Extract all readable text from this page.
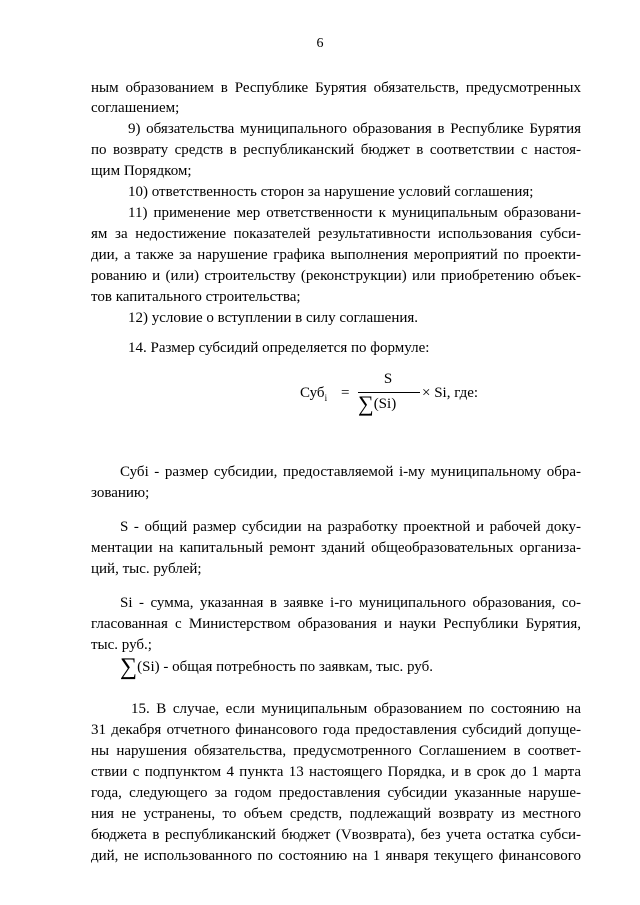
6
ным образованием в Республике Бурятия обязательств, предусмотренных
соглашением;
9) обязательства муниципального образования в Республике Бурятия
по возврату средств в республиканский бюджет в соответствии с настоя-
щим Порядком;
10) ответственность сторон за нарушение условий соглашения;
11) применение мер ответственности к муниципальным образовани-
ям за недостижение показателей результативности использования субси-
дии, а также за нарушение графика выполнения мероприятий по проекти-
рованию и (или) строительству (реконструкции) или приобретению объек-
тов капитального строительства;
12) условие о вступлении в силу соглашения.
14. Размер субсидий определяется по формуле:
Суб$_i$ =
S
∑(Si)
× Si, где:
Субi - размер субсидии, предоставляемой i-му муниципальному обра-
зованию;
S - общий размер субсидии на разработку проектной и рабочей доку-
ментации на капитальный ремонт зданий общеобразовательных организа-
ций, тыс. рублей;
Si - сумма, указанная в заявке i-го муниципального образования, со-
гласованная с Министерством образования и науки Республики Бурятия,
∑(Si) - общая потребность по заявкам, тыс. руб.
15. В случае, если муниципальным образованием по состоянию на
31 декабря отчетного финансового года предоставления субсидий допуще-
ны нарушения обязательства, предусмотренного Соглашением в соответ-
ствии с подпунктом 4 пункта 13 настоящего Порядка, и в срок до 1 марта
года, следующего за годом предоставления субсидии указанные наруше-
ния не устранены, то объем средств, подлежащий возврату из местного
бюджета в республиканский бюджет (Vвозврата), без учета остатка субси-
дий, не использованного по состоянию на 1 января текущего финансового
тыс. руб.;
